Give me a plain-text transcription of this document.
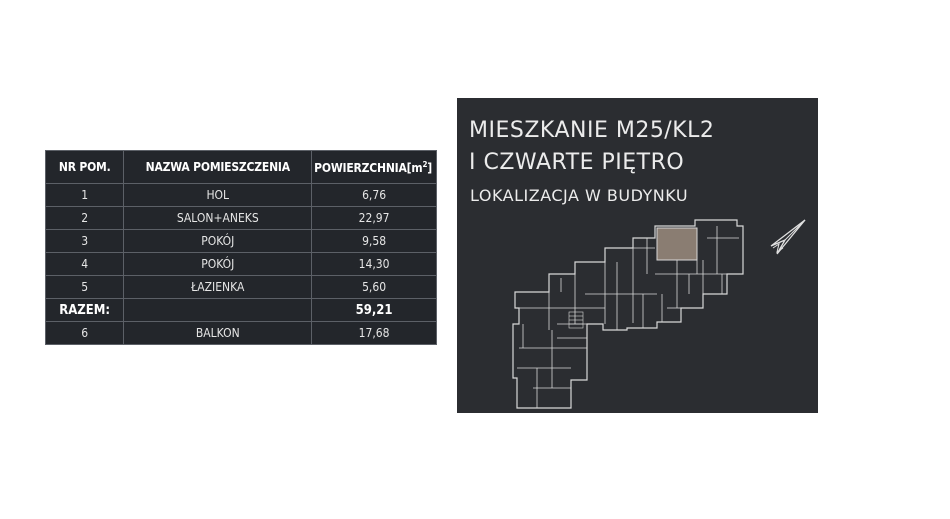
NR POM.	NAZWA POMIESZCZENIA	$POWIERZCHNIA[m^2]$
1	HOL	6,76
2	SALON+ANEKS	22,97
3	POKÓJ	9,58
4	POKÓJ	14,30
5	ŁAZIENKA	5,60
RAZEM:		59,21
6	BALKON	17,68
MIESZKANIE M25/KL2
I CZWARTE PIĘTRO
LOKALIZACJA W BUDYNKU
